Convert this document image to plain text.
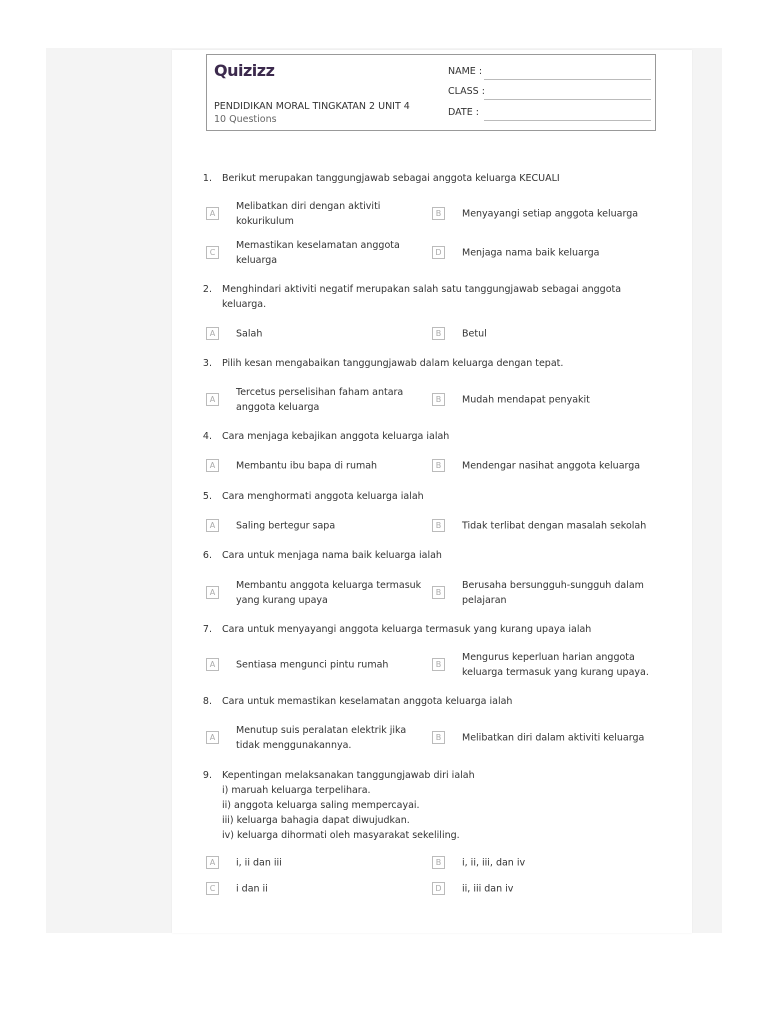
Quizizz
PENDIDIKAN MORAL TINGKATAN 2 UNIT 4
10 Questions
NAME :
CLASS :
DATE :
1. Berikut merupakan tanggungjawab sebagai anggota keluarga KECUALI
A
Melibatkan diri dengan aktiviti kokurikulum
B	Menyayangi setiap anggota keluarga
C
Memastikan keselamatan anggota keluarga
D	Menjaga nama baik keluarga
2. Menghindari aktiviti negatif merupakan salah satu tanggungjawab sebagai anggota keluarga.
A	Salah	B	Betul
3. Pilih kesan mengabaikan tanggungjawab dalam keluarga dengan tepat.
A
Tercetus perselisihan faham antara anggota keluarga
B	Mudah mendapat penyakit
4. Cara menjaga kebajikan anggota keluarga ialah
A	Membantu ibu bapa di rumah	B	Mendengar nasihat anggota keluarga
5. Cara menghormati anggota keluarga ialah
A	Saling bertegur sapa	B	Tidak terlibat dengan masalah sekolah
6. Cara untuk menjaga nama baik keluarga ialah
A
Membantu anggota keluarga termasuk yang kurang upaya
B
Berusaha bersungguh-sungguh dalam pelajaran
7. Cara untuk menyayangi anggota keluarga termasuk yang kurang upaya ialah
A	Sentiasa mengunci pintu rumah	B
Mengurus keperluan harian anggota keluarga termasuk yang kurang upaya.
8. Cara untuk memastikan keselamatan anggota keluarga ialah
A
Menutup suis peralatan elektrik jika tidak menggunakannya.
B	Melibatkan diri dalam aktiviti keluarga
9. Kepentingan melaksanakan tanggungjawab diri ialah
i) maruah keluarga terpelihara.
ii) anggota keluarga saling mempercayai.
iii) keluarga bahagia dapat diwujudkan.
iv) keluarga dihormati oleh masyarakat sekeliling.
A	i, ii dan iii	B	i, ii, iii, dan iv
C	i dan ii	D	ii, iii dan iv
